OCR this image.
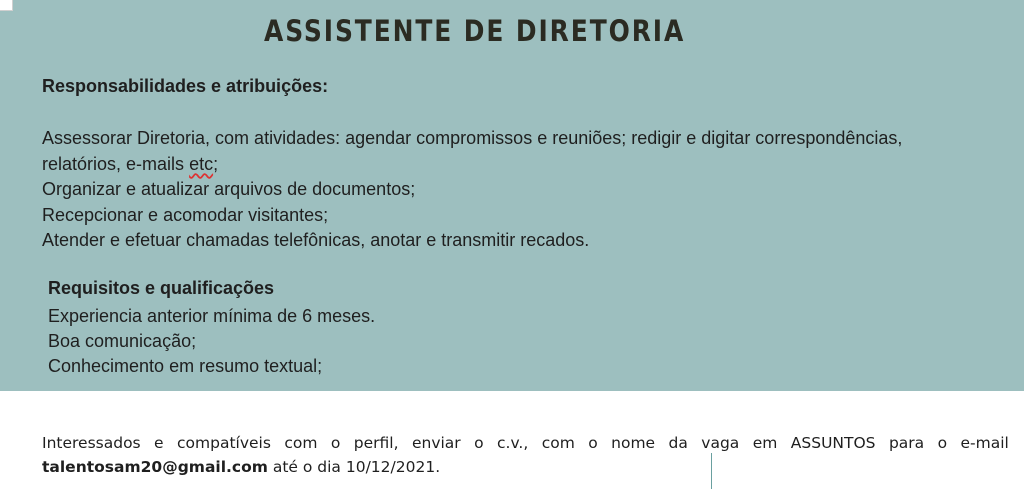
ASSISTENTE DE DIRETORIA
Responsabilidades e atribuições:
Assessorar Diretoria, com atividades: agendar compromissos e reuniões; redigir e digitar correspondências,
relatórios, e-mails etc;
Organizar e atualizar arquivos de documentos;
Recepcionar e acomodar visitantes;
Atender e efetuar chamadas telefônicas, anotar e transmitir recados.
Requisitos e qualificações
Experiencia anterior mínima de 6 meses.
Boa comunicação;
Conhecimento em resumo textual;
Interessados e compatíveis com o perfil, enviar o c.v., com o nome da vaga em ASSUNTOS para o e-mail
talentosam20@gmail.com até o dia 10/12/2021.
